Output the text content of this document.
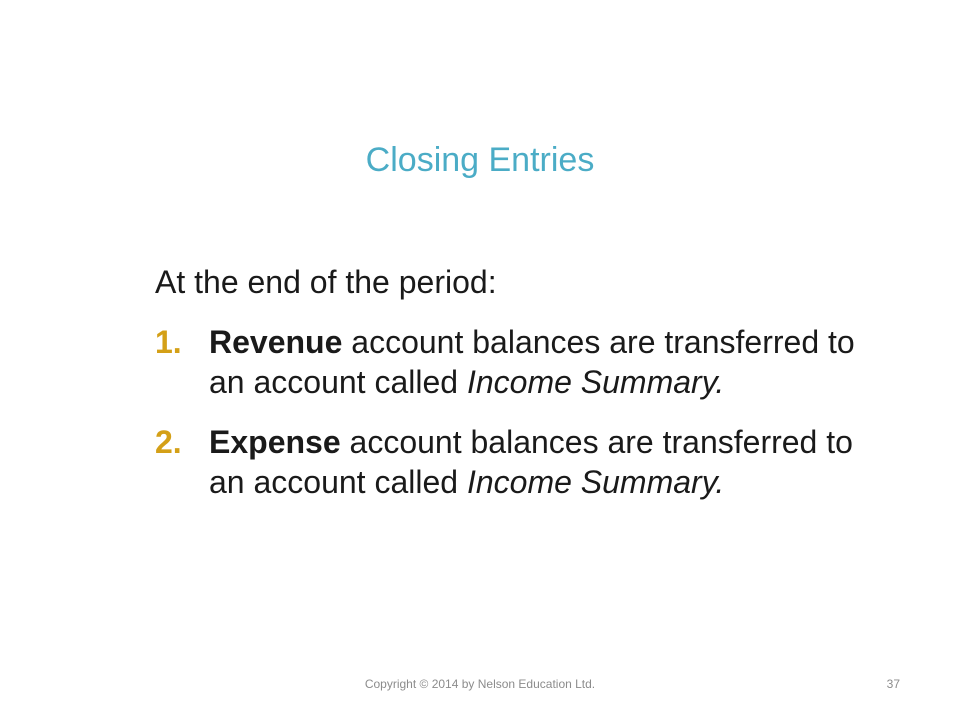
Closing Entries
At the end of the period:
1. Revenue account balances are transferred to an account called Income Summary.
2. Expense account balances are transferred to an account called Income Summary.
Copyright © 2014 by Nelson Education Ltd.	37
